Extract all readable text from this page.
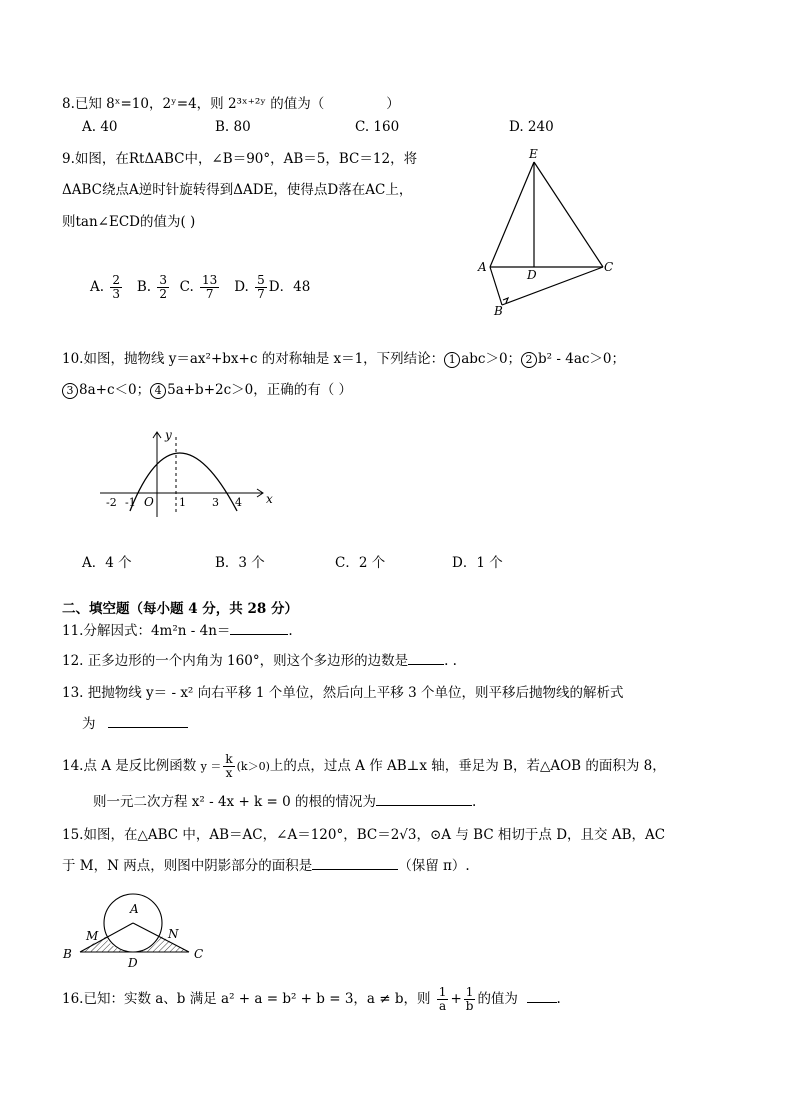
8.已知 8ˣ=10，2ʸ=4，则 2³ˣ⁺²ʸ 的值为（	）
A. 40	B. 80	C. 160	D. 240
9.如图，在RtΔABC中，∠B＝90°，AB＝5，BC＝12，将
ΔABC绕点A逆时针旋转得到ΔADE，使得点D落在AC上，
则tan∠ECD的值为( )
A. $\frac{2}{3} B$. $\frac{3}{2} C$. $\frac{13}{7} D$. $\frac{5}{7}$ D．48
E
A
D
C
B
10.如图，抛物线 y＝ax²+bx+c 的对称轴是 x＝1，下列结论： 1 abc＞0； 2 b² - 4ac＞0；
3 8a+c＜0； 4 5a+b+2c＞0，正确的有（ ）
y
x
-2 -1 O 1 3 4
A．4 个	B．3 个	C．2 个	D．1 个
二、填空题（每小题 4 分，共 28 分）
11.分解因式：4m²n - 4n＝	.
12. 正多边形的一个内角为 160°，则这个多边形的边数是	. .
13. 把抛物线 y＝ - x² 向右平移 1 个单位，然后向上平移 3 个单位，则平移后抛物线的解析式
为
14.点 A 是反比例函数 $y = \frac{k}{x} (k>0)$上的点，过点 A 作 AB⊥x 轴，垂足为 B，若△AOB 的面积为 8，
则一元二次方程 x² - 4x + k = 0 的根的情况为	.
15.如图，在△ABC 中，AB＝AC，∠A＝120°，BC＝2√3，⊙A 与 BC 相切于点 D，且交 AB，AC
于 M，N 两点，则图中阴影部分的面积是	（保留 π）.
A
M	N
B	C
D
16.已知：实数 a、b 满足 a² + a = b² + b = 3，a ≠ b，则 $\frac{1}{a} + \frac{1}{b}$ 的值为	.
